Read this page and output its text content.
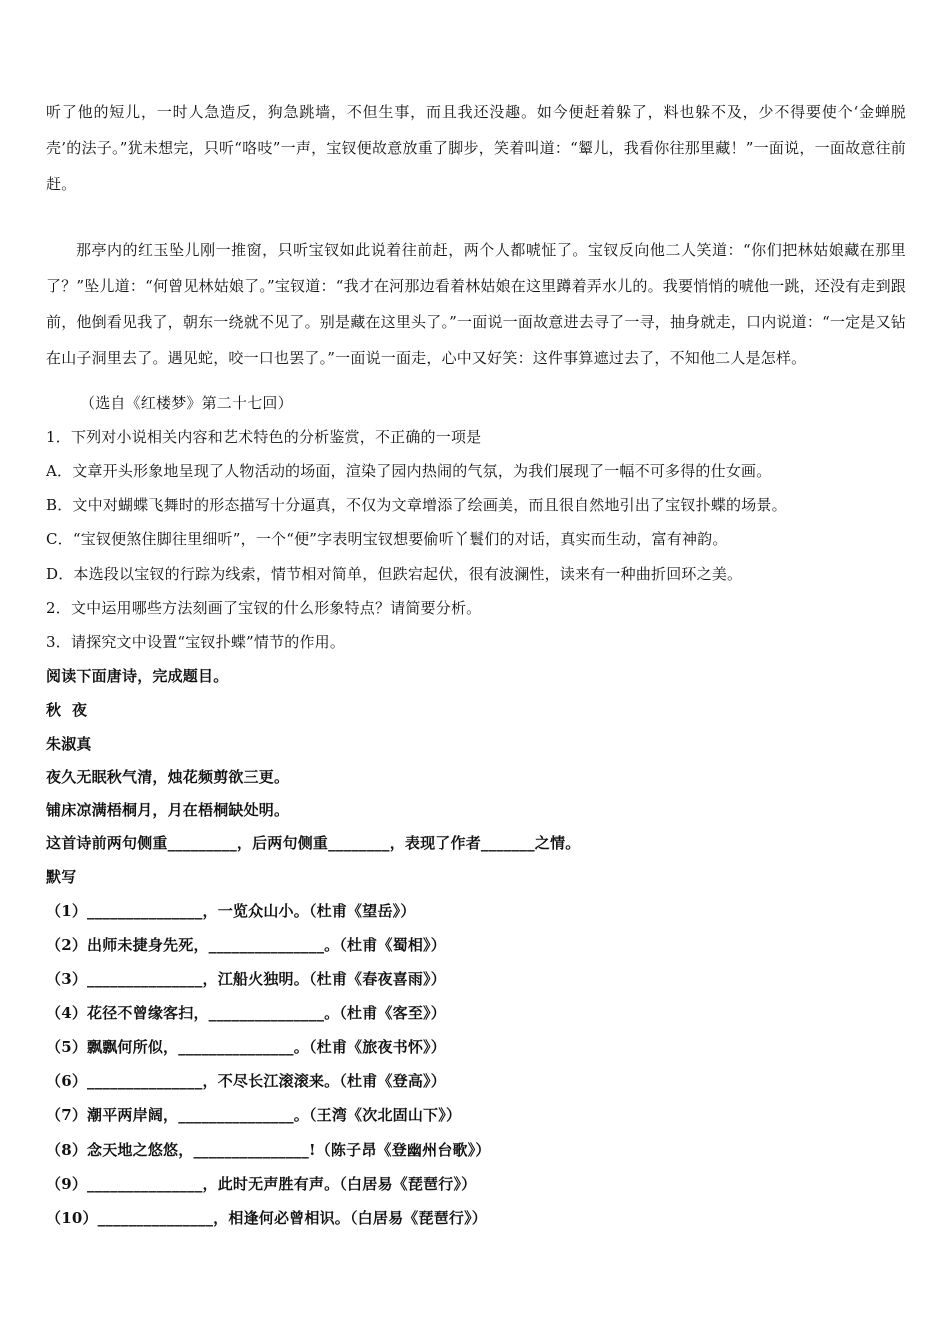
听了他的短儿，一时人急造反，狗急跳墙，不但生事，而且我还没趣。如今便赶着躲了，料也躲不及，少不得要使个‘金蝉脱壳’的法子。”犹未想完，只听“咯吱”一声，宝钗便故意放重了脚步，笑着叫道：“颦儿，我看你往那里藏！”一面说，一面故意往前赶。
那亭内的红玉坠儿刚一推窗，只听宝钗如此说着往前赶，两个人都唬怔了。宝钗反向他二人笑道：“你们把林姑娘藏在那里了？”坠儿道：“何曾见林姑娘了。”宝钗道：“我才在河那边看着林姑娘在这里蹲着弄水儿的。我要悄悄的唬他一跳，还没有走到跟前，他倒看见我了，朝东一绕就不见了。别是藏在这里头了。”一面说一面故意进去寻了一寻，抽身就走，口内说道：“一定是又钻在山子洞里去了。遇见蛇，咬一口也罢了。”一面说一面走，心中又好笑：这件事算遮过去了，不知他二人是怎样。
（选自《红楼梦》第二十七回）
1．下列对小说相关内容和艺术特色的分析鉴赏，不正确的一项是
A．文章开头形象地呈现了人物活动的场面，渲染了园内热闹的气氛，为我们展现了一幅不可多得的仕女画。
B．文中对蝴蝶飞舞时的形态描写十分逼真，不仅为文章增添了绘画美，而且很自然地引出了宝钗扑蝶的场景。
C．“宝钗便煞住脚往里细听”，一个“便”字表明宝钗想要偷听丫鬟们的对话，真实而生动，富有神韵。
D．本选段以宝钗的行踪为线索，情节相对简单，但跌宕起伏，很有波澜性，读来有一种曲折回环之美。
2．文中运用哪些方法刻画了宝钗的什么形象特点？请简要分析。
3．请探究文中设置“宝钗扑蝶”情节的作用。
阅读下面唐诗，完成题目。
秋  夜
朱淑真
夜久无眠秋气清，烛花频剪欲三更。
铺床凉满梧桐月，月在梧桐缺处明。
这首诗前两句侧重_________，后两句侧重________，表现了作者_______之情。
默写
（1）_______________，一览众山小。（杜甫《望岳》）
（2）出师未捷身先死，_______________。（杜甫《蜀相》）
（3）_______________，江船火独明。（杜甫《春夜喜雨》）
（4）花径不曾缘客扫，_______________。（杜甫《客至》）
（5）飘飘何所似，_______________。（杜甫《旅夜书怀》）
（6）_______________，不尽长江滚滚来。（杜甫《登高》）
（7）潮平两岸阔，_______________。（王湾《次北固山下》）
（8）念天地之悠悠，_______________!（陈子昂《登幽州台歌》）
（9）_______________，此时无声胜有声。（白居易《琵琶行》）
（10）_______________，相逢何必曾相识。（白居易《琵琶行》）
